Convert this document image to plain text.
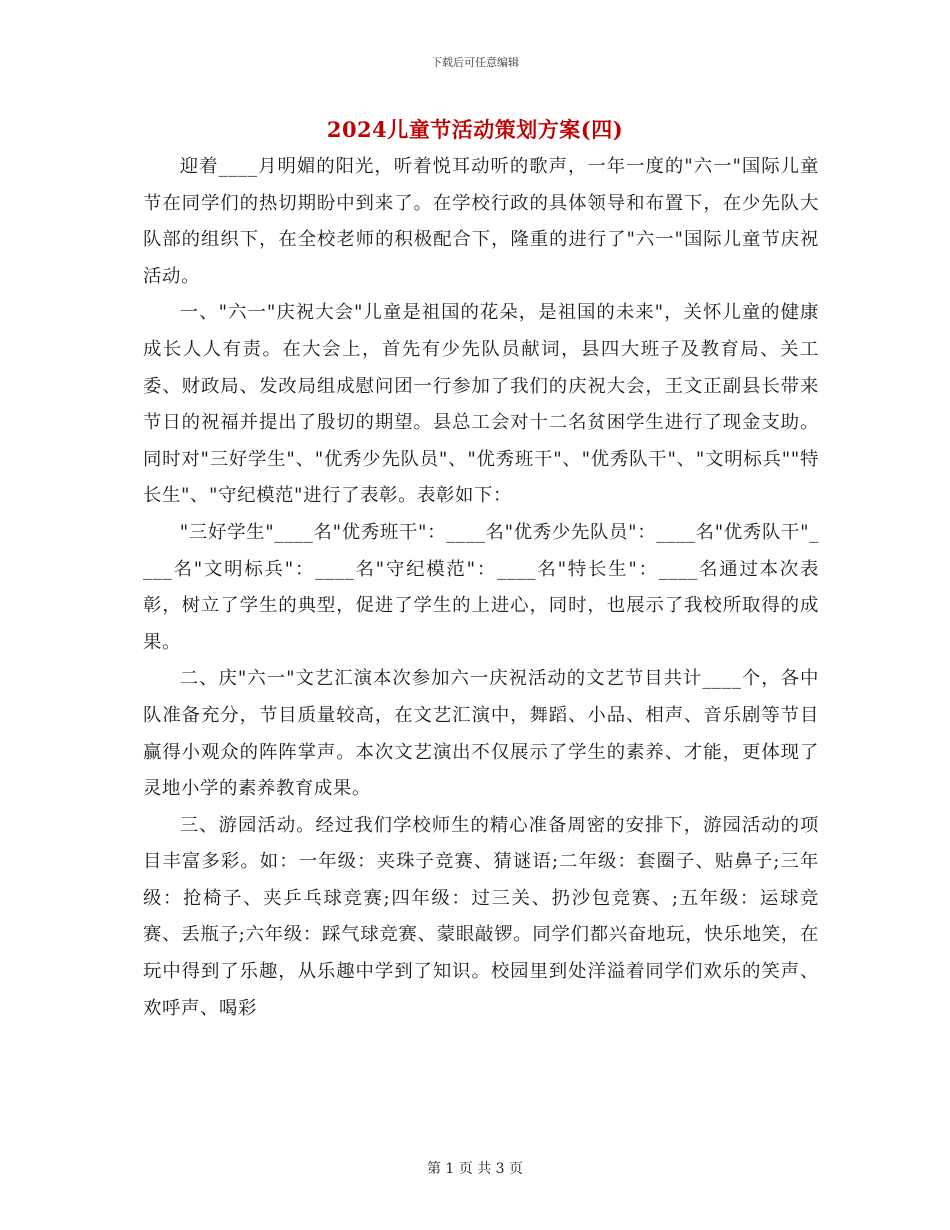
下载后可任意编辑
2024儿童节活动策划方案(四)

迎着____月明媚的阳光，听着悦耳动听的歌声，一年一度的"六一"国际儿童节在同学们的热切期盼中到来了。在学校行政的具体领导和布置下，在少先队大队部的组织下，在全校老师的积极配合下，隆重的进行了"六一"国际儿童节庆祝活动。

一、"六一"庆祝大会"儿童是祖国的花朵，是祖国的未来"，关怀儿童的健康成长人人有责。在大会上，首先有少先队员献词，县四大班子及教育局、关工委、财政局、发改局组成慰问团一行参加了我们的庆祝大会，王文正副县长带来节日的祝福并提出了殷切的期望。县总工会对十二名贫困学生进行了现金支助。同时对"三好学生"、"优秀少先队员"、"优秀班干"、"优秀队干"、"文明标兵""特长生"、"守纪模范"进行了表彰。表彰如下：

"三好学生"____名"优秀班干"：____名"优秀少先队员"：____名"优秀队干"____名"文明标兵"：____名"守纪模范"：____名"特长生"：____名通过本次表彰，树立了学生的典型，促进了学生的上进心，同时，也展示了我校所取得的成果。

二、庆"六一"文艺汇演本次参加六一庆祝活动的文艺节目共计____个，各中队准备充分，节目质量较高，在文艺汇演中，舞蹈、小品、相声、音乐剧等节目赢得小观众的阵阵掌声。本次文艺演出不仅展示了学生的素养、才能，更体现了灵地小学的素养教育成果。

三、游园活动。经过我们学校师生的精心准备周密的安排下，游园活动的项目丰富多彩。如：一年级：夹珠子竞赛、猜谜语;二年级：套圈子、贴鼻子;三年级：抢椅子、夹乒乓球竞赛;四年级：过三关、扔沙包竞赛、;五年级：运球竞赛、丢瓶子;六年级：踩气球竞赛、蒙眼敲锣。同学们都兴奋地玩，快乐地笑，在玩中得到了乐趣，从乐趣中学到了知识。校园里到处洋溢着同学们欢乐的笑声、欢呼声、喝彩

第 1 页 共 3 页
